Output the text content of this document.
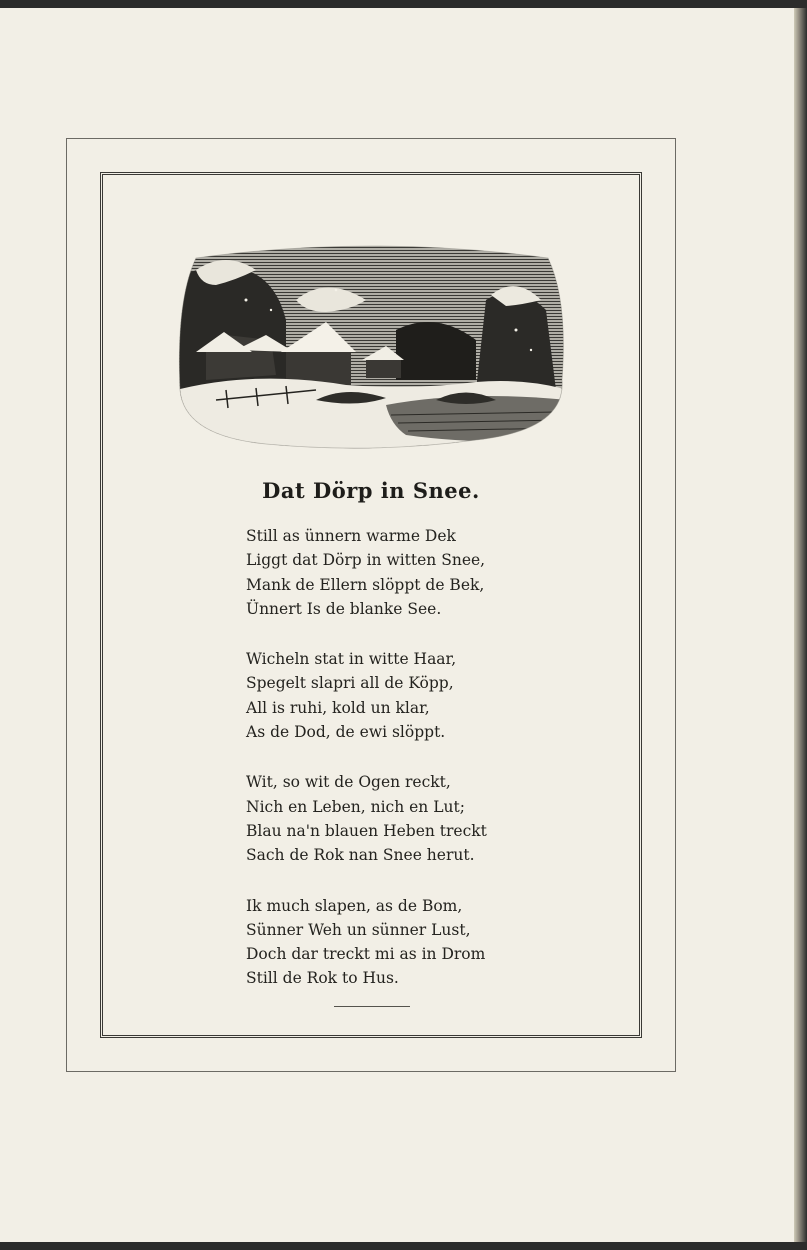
Dat Dörp in Snee.
Still as ünnern warme Dek
Liggt dat Dörp in witten Snee,
Mank de Ellern slöppt de Bek,
Ünnert Is de blanke See.
Wicheln stat in witte Haar,
Spegelt slapri all de Köpp,
All is ruhi, kold un klar,
As de Dod, de ewi slöppt.
Wit, so wit de Ogen reckt,
Nich en Leben, nich en Lut;
Blau na'n blauen Heben treckt
Sach de Rok nan Snee herut.
Ik much slapen, as de Bom,
Sünner Weh un sünner Lust,
Doch dar treckt mi as in Drom
Still de Rok to Hus.
